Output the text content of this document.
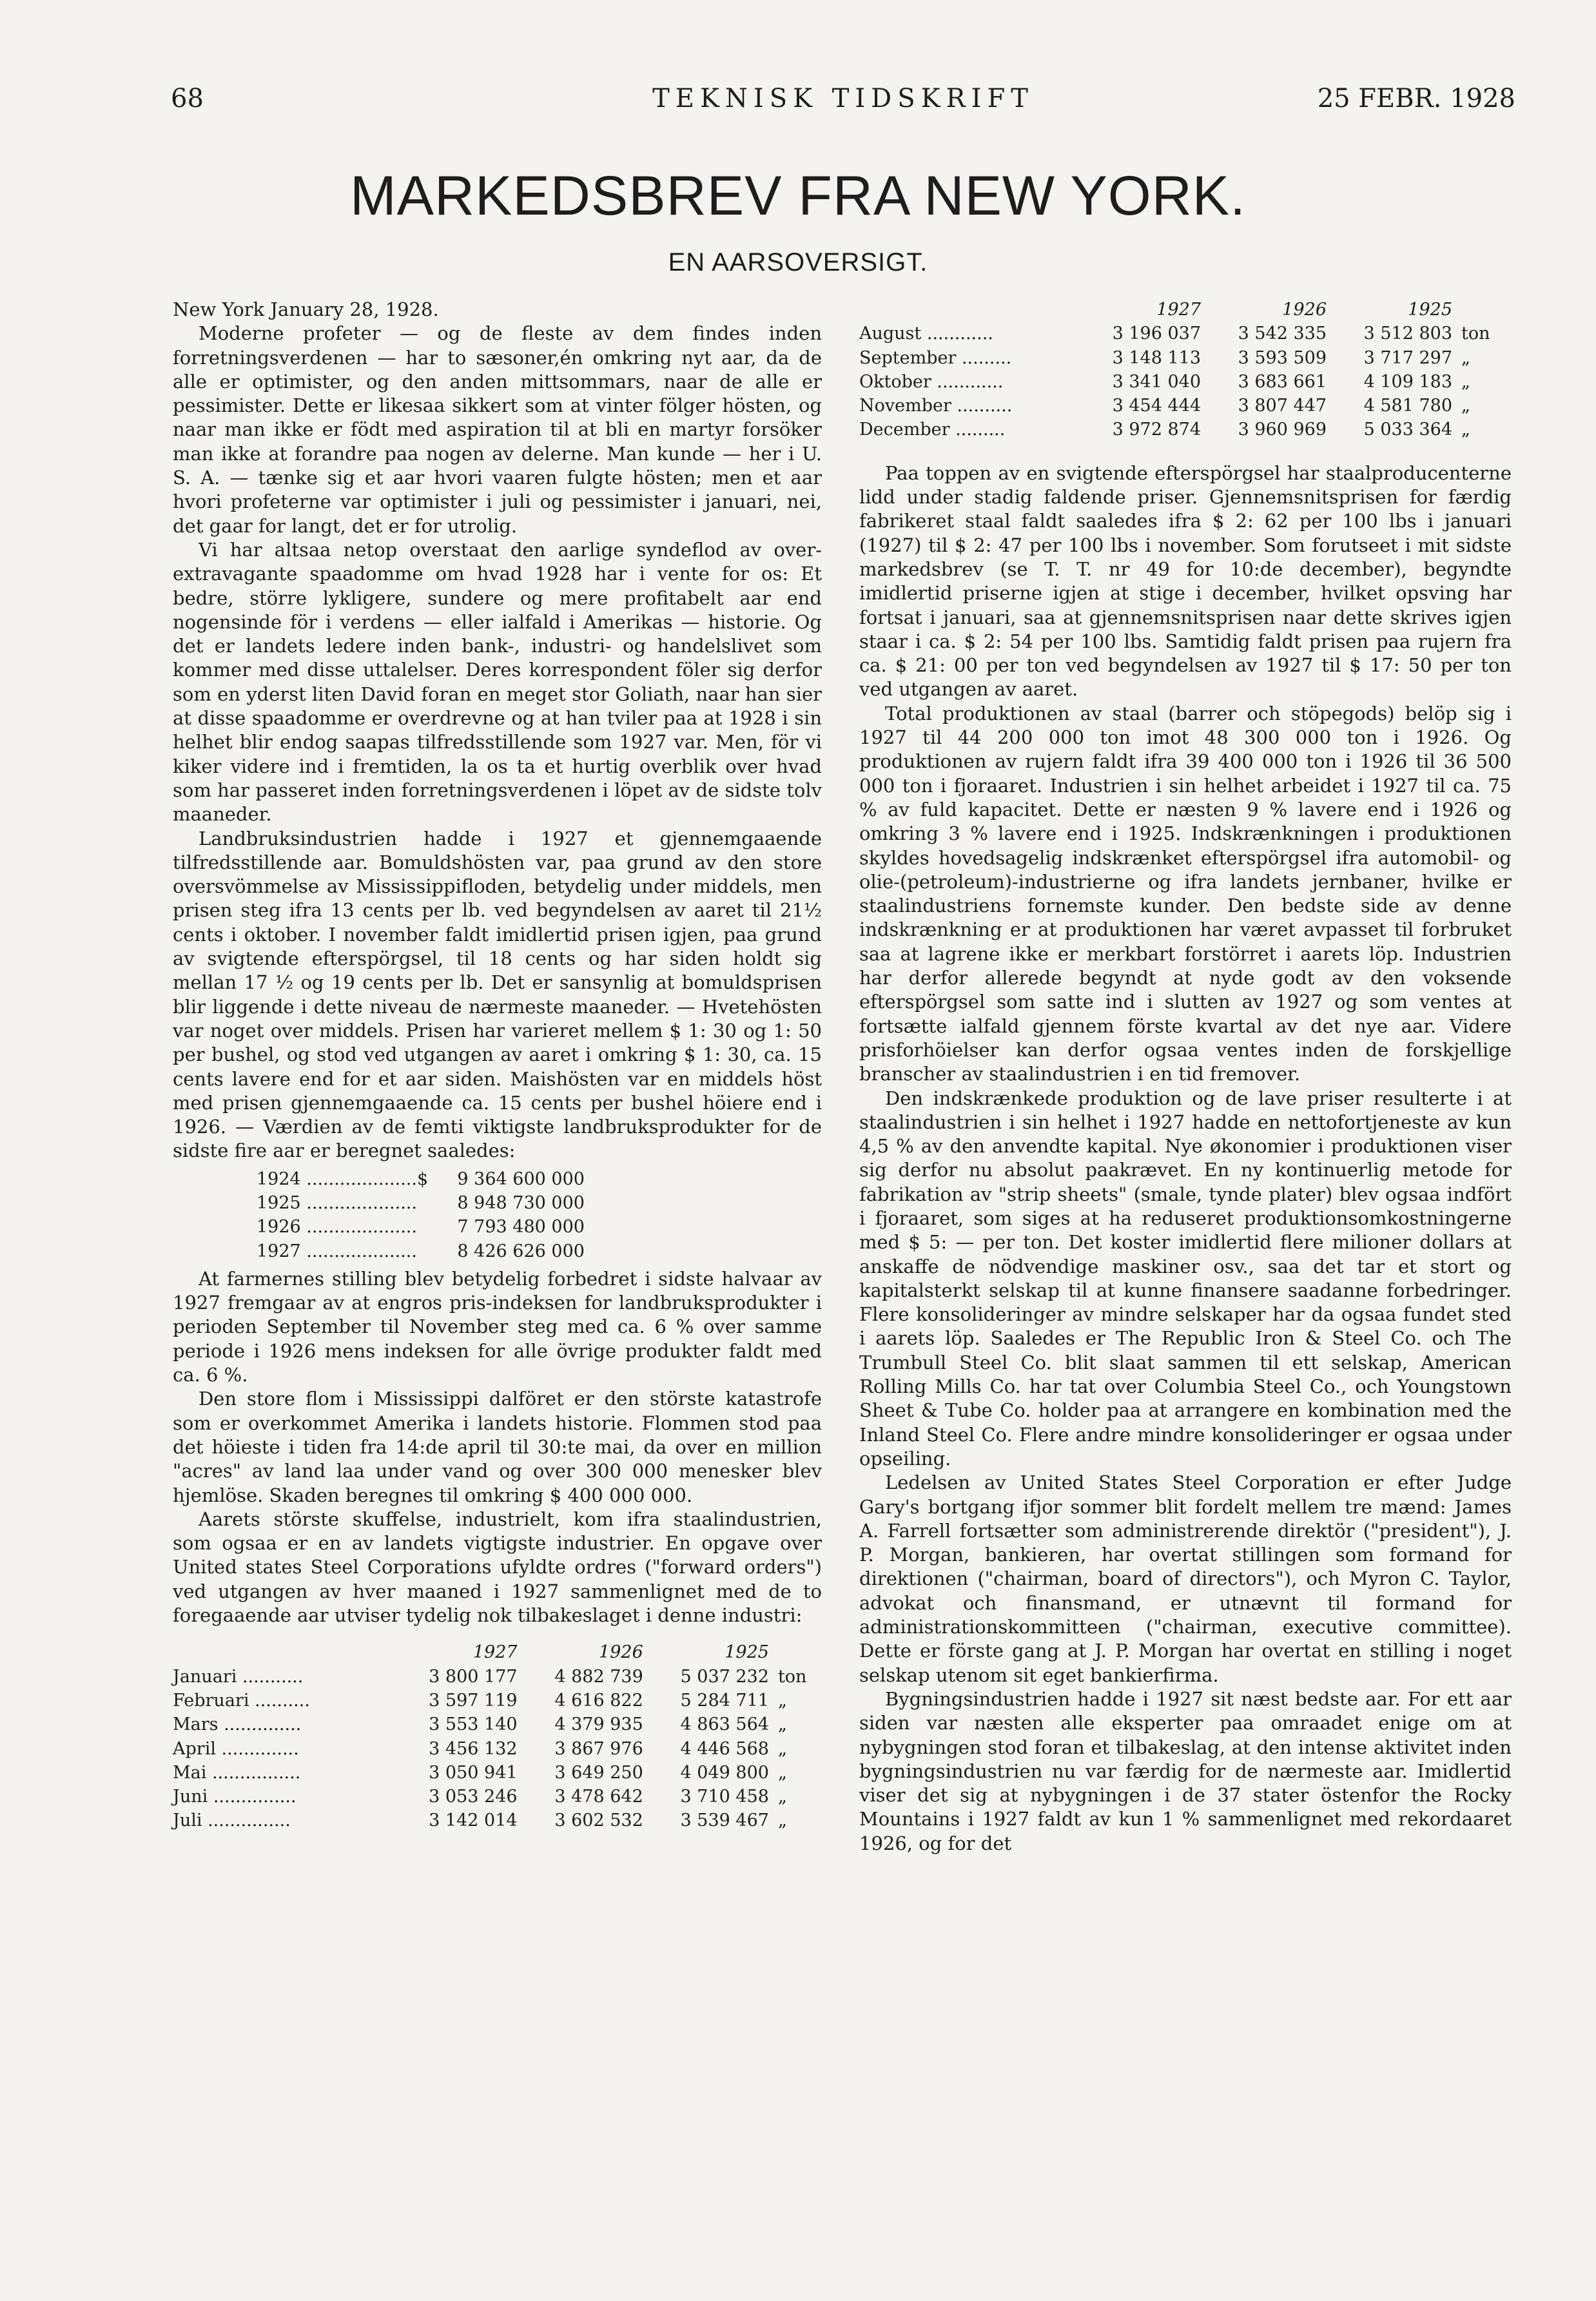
68	TEKNISK TIDSKRIFT	25 FEBR. 1928
MARKEDSBREV FRA NEW YORK.
EN AARSOVERSIGT.

New York January 28, 1928.

Moderne profeter — og de fleste av dem findes inden forretningsverdenen — har to sæsoner,én omkring nyt aar, da de alle er optimister, og den anden mittsommars, naar de alle er pessimister. Dette er likesaa sikkert som at vinter fölger hösten, og naar man ikke er födt med aspiration til at bli en martyr forsöker man ikke at forandre paa nogen av delerne. Man kunde — her i U. S. A. — tænke sig et aar hvori vaaren fulgte hösten; men et aar hvori profeterne var optimister i juli og pessimister i januari, nei, det gaar for langt, det er for utrolig.

Vi har altsaa netop overstaat den aarlige syndeflod av over-extravagante spaadomme om hvad 1928 har i vente for os: Et bedre, större lykligere, sundere og mere profitabelt aar end nogensinde för i verdens — eller ialfald i Amerikas — historie. Og det er landets ledere inden bank-, industri- og handelslivet som kommer med disse uttalelser. Deres korrespondent föler sig derfor som en yderst liten David foran en meget stor Goliath, naar han sier at disse spaadomme er overdrevne og at han tviler paa at 1928 i sin helhet blir endog saapas tilfredsstillende som 1927 var. Men, för vi kiker videre ind i fremtiden, la os ta et hurtig overblik over hvad som har passeret inden forretningsverdenen i löpet av de sidste tolv maaneder.

Landbruksindustrien hadde i 1927 et gjennemgaaende tilfredsstillende aar. Bomuldshösten var, paa grund av den store oversvömmelse av Mississippifloden, betydelig under middels, men prisen steg ifra 13 cents per lb. ved begyndelsen av aaret til 21½ cents i oktober. I november faldt imidlertid prisen igjen, paa grund av svigtende efterspörgsel, til 18 cents og har siden holdt sig mellan 17 ½ og 19 cents per lb. Det er sansynlig at bomuldsprisen blir liggende i dette niveau de nærmeste maaneder. — Hvetehösten var noget over middels. Prisen har varieret mellem $ 1: 30 og 1: 50 per bushel, og stod ved utgangen av aaret i omkring $ 1: 30, ca. 15 cents lavere end for et aar siden. Maishösten var en middels höst med prisen gjennemgaaende ca. 15 cents per bushel höiere end i 1926. — Værdien av de femti viktigste landbruksprodukter for de sidste fire aar er beregnet saaledes:

1924 ....................	$	9 364 600 000
1925 ....................		8 948 730 000
1926 ....................		7 793 480 000
1927 ....................		8 426 626 000

At farmernes stilling blev betydelig forbedret i sidste halvaar av 1927 fremgaar av at engros pris-indeksen for landbruksprodukter i perioden September til November steg med ca. 6 % over samme periode i 1926 mens indeksen for alle övrige produkter faldt med ca. 6 %.

Den store flom i Mississippi dalföret er den störste katastrofe som er overkommet Amerika i landets historie. Flommen stod paa det höieste i tiden fra 14:de april til 30:te mai, da over en million "acres" av land laa under vand og over 300 000 menesker blev hjemlöse. Skaden beregnes til omkring $ 400 000 000.

Aarets störste skuffelse, industrielt, kom ifra staalindustrien, som ogsaa er en av landets vigtigste industrier. En opgave over United states Steel Corporations ufyldte ordres ("forward orders") ved utgangen av hver maaned i 1927 sammenlignet med de to foregaaende aar utviser tydelig nok tilbakeslaget i denne industri:

	1927	1926	1925	
Januari ...........	3 800 177	4 882 739	5 037 232	ton
Februari ..........	3 597 119	4 616 822	5 284 711	„
Mars ..............	3 553 140	4 379 935	4 863 564	„
April ..............	3 456 132	3 867 976	4 446 568	„
Mai ................	3 050 941	3 649 250	4 049 800	„
Juni ...............	3 053 246	3 478 642	3 710 458	„
Juli ...............	3 142 014	3 602 532	3 539 467	„
	1927	1926	1925	
August ............	3 196 037	3 542 335	3 512 803	ton
September .........	3 148 113	3 593 509	3 717 297	„
Oktober ............	3 341 040	3 683 661	4 109 183	„
November ..........	3 454 444	3 807 447	4 581 780	„
December .........	3 972 874	3 960 969	5 033 364	„

Paa toppen av en svigtende efterspörgsel har staalproducenterne lidd under stadig faldende priser. Gjennemsnitsprisen for færdig fabrikeret staal faldt saaledes ifra $ 2: 62 per 100 lbs i januari (1927) til $ 2: 47 per 100 lbs i november. Som forutseet i mit sidste markedsbrev (se T. T. nr 49 for 10:de december), begyndte imidlertid priserne igjen at stige i december, hvilket opsving har fortsat i januari, saa at gjennemsnitsprisen naar dette skrives igjen staar i ca. $ 2: 54 per 100 lbs. Samtidig faldt prisen paa rujern fra ca. $ 21: 00 per ton ved begyndelsen av 1927 til $ 17: 50 per ton ved utgangen av aaret.

Total produktionen av staal (barrer och stöpegods) belöp sig i 1927 til 44 200 000 ton imot 48 300 000 ton i 1926. Og produktionen av rujern faldt ifra 39 400 000 ton i 1926 til 36 500 000 ton i fjoraaret. Industrien i sin helhet arbeidet i 1927 til ca. 75 % av fuld kapacitet. Dette er næsten 9 % lavere end i 1926 og omkring 3 % lavere end i 1925. Indskrænkningen i produktionen skyldes hovedsagelig indskrænket efterspörgsel ifra automobil- og olie-(petroleum)-industrierne og ifra landets jernbaner, hvilke er staalindustriens fornemste kunder. Den bedste side av denne indskrænkning er at produktionen har været avpasset til forbruket saa at lagrene ikke er merkbart forstörret i aarets löp. Industrien har derfor allerede begyndt at nyde godt av den voksende efterspörgsel som satte ind i slutten av 1927 og som ventes at fortsætte ialfald gjennem förste kvartal av det nye aar. Videre prisforhöielser kan derfor ogsaa ventes inden de forskjellige branscher av staalindustrien i en tid fremover.

Den indskrænkede produktion og de lave priser resulterte i at staalindustrien i sin helhet i 1927 hadde en nettofortjeneste av kun 4,5 % av den anvendte kapital. Nye økonomier i produktionen viser sig derfor nu absolut paakrævet. En ny kontinuerlig metode for fabrikation av "strip sheets" (smale, tynde plater) blev ogsaa indfört i fjoraaret, som siges at ha reduseret produktionsomkostningerne med $ 5: — per ton. Det koster imidlertid flere milioner dollars at anskaffe de nödvendige maskiner osv., saa det tar et stort og kapitalsterkt selskap til at kunne finansere saadanne forbedringer. Flere konsolideringer av mindre selskaper har da ogsaa fundet sted i aarets löp. Saaledes er The Republic Iron & Steel Co. och The Trumbull Steel Co. blit slaat sammen til ett selskap, American Rolling Mills Co. har tat over Columbia Steel Co., och Youngstown Sheet & Tube Co. holder paa at arrangere en kombination med the Inland Steel Co. Flere andre mindre konsolideringer er ogsaa under opseiling.

Ledelsen av United States Steel Corporation er efter Judge Gary's bortgang ifjor sommer blit fordelt mellem tre mænd: James A. Farrell fortsætter som administrerende direktör ("president"), J. P. Morgan, bankieren, har overtat stillingen som formand for direktionen ("chairman, board of directors"), och Myron C. Taylor, advokat och finansmand, er utnævnt til formand for administrationskommitteen ("chairman, executive committee). Dette er förste gang at J. P. Morgan har overtat en stilling i noget selskap utenom sit eget bankierfirma.

Bygningsindustrien hadde i 1927 sit næst bedste aar. For ett aar siden var næsten alle eksperter paa omraadet enige om at nybygningen stod foran et tilbakeslag, at den intense aktivitet inden bygningsindustrien nu var færdig for de nærmeste aar. Imidlertid viser det sig at nybygningen i de 37 stater östenfor the Rocky Mountains i 1927 faldt av kun 1 % sammenlignet med rekordaaret 1926, og for det
